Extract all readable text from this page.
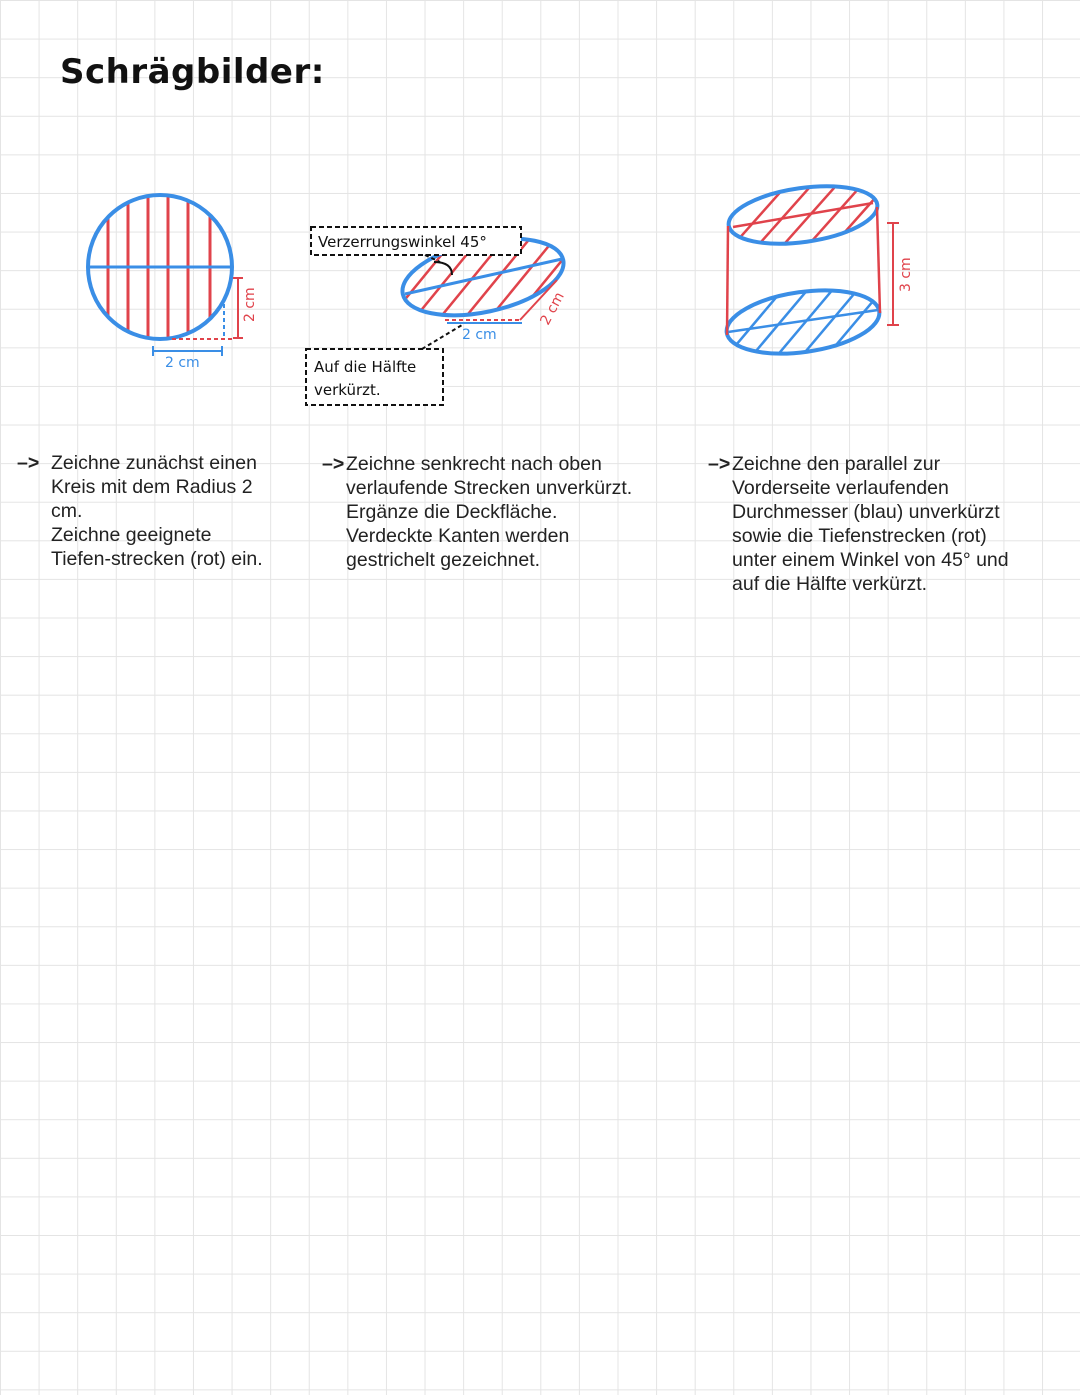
Schrägbilder:
2 cm
2 cm
2 cm
2 cm
Verzerrungswinkel 45°
Auf die Hälfte
verkürzt.
3 cm
–> Zeichne zunächst einen
Kreis mit dem Radius 2
cm.
Zeichne geeignete
Tiefen-strecken (rot) ein.

–> Zeichne senkrecht nach oben
verlaufende Strecken unverkürzt.
Ergänze die Deckfläche.
Verdeckte Kanten werden
gestrichelt gezeichnet.

–> Zeichne den parallel zur
Vorderseite verlaufenden
Durchmesser (blau) unverkürzt
sowie die Tiefenstrecken (rot)
unter einem Winkel von 45° und
auf die Hälfte verkürzt.
